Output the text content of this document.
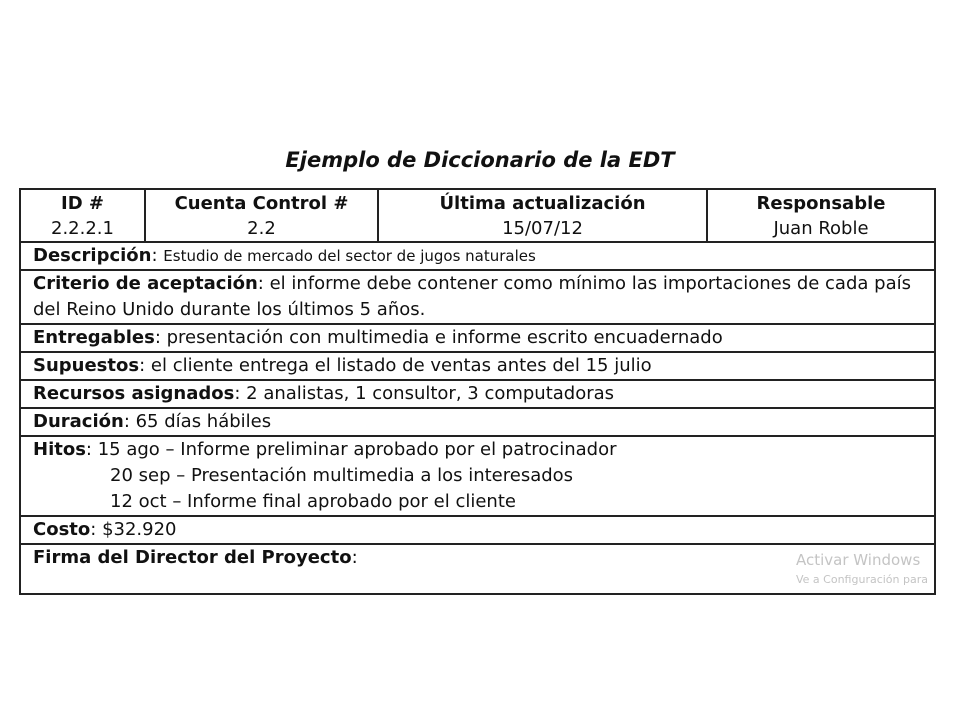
Ejemplo de Diccionario de la EDT
ID #
2.2.2.1

Cuenta Control #
2.2

Última actualización
15/07/12

Responsable
Juan Roble

Descripción: Estudio de mercado del sector de jugos naturales
Criterio de aceptación: el informe debe contener como mínimo las importaciones de cada país del Reino Unido durante los últimos 5 años.
Entregables: presentación con multimedia e informe escrito encuadernado
Supuestos: el cliente entrega el listado de ventas antes del 15 julio
Recursos asignados: 2 analistas, 1 consultor, 3 computadoras
Duración: 65 días hábiles
Hitos: 15 ago – Informe preliminar aprobado por el patrocinador
20 sep – Presentación multimedia a los interesados
12 oct – Informe final aprobado por el cliente

Costo: $32.920
Firma del Director del Proyecto:	Activar Windows
Ve a Configuración para
